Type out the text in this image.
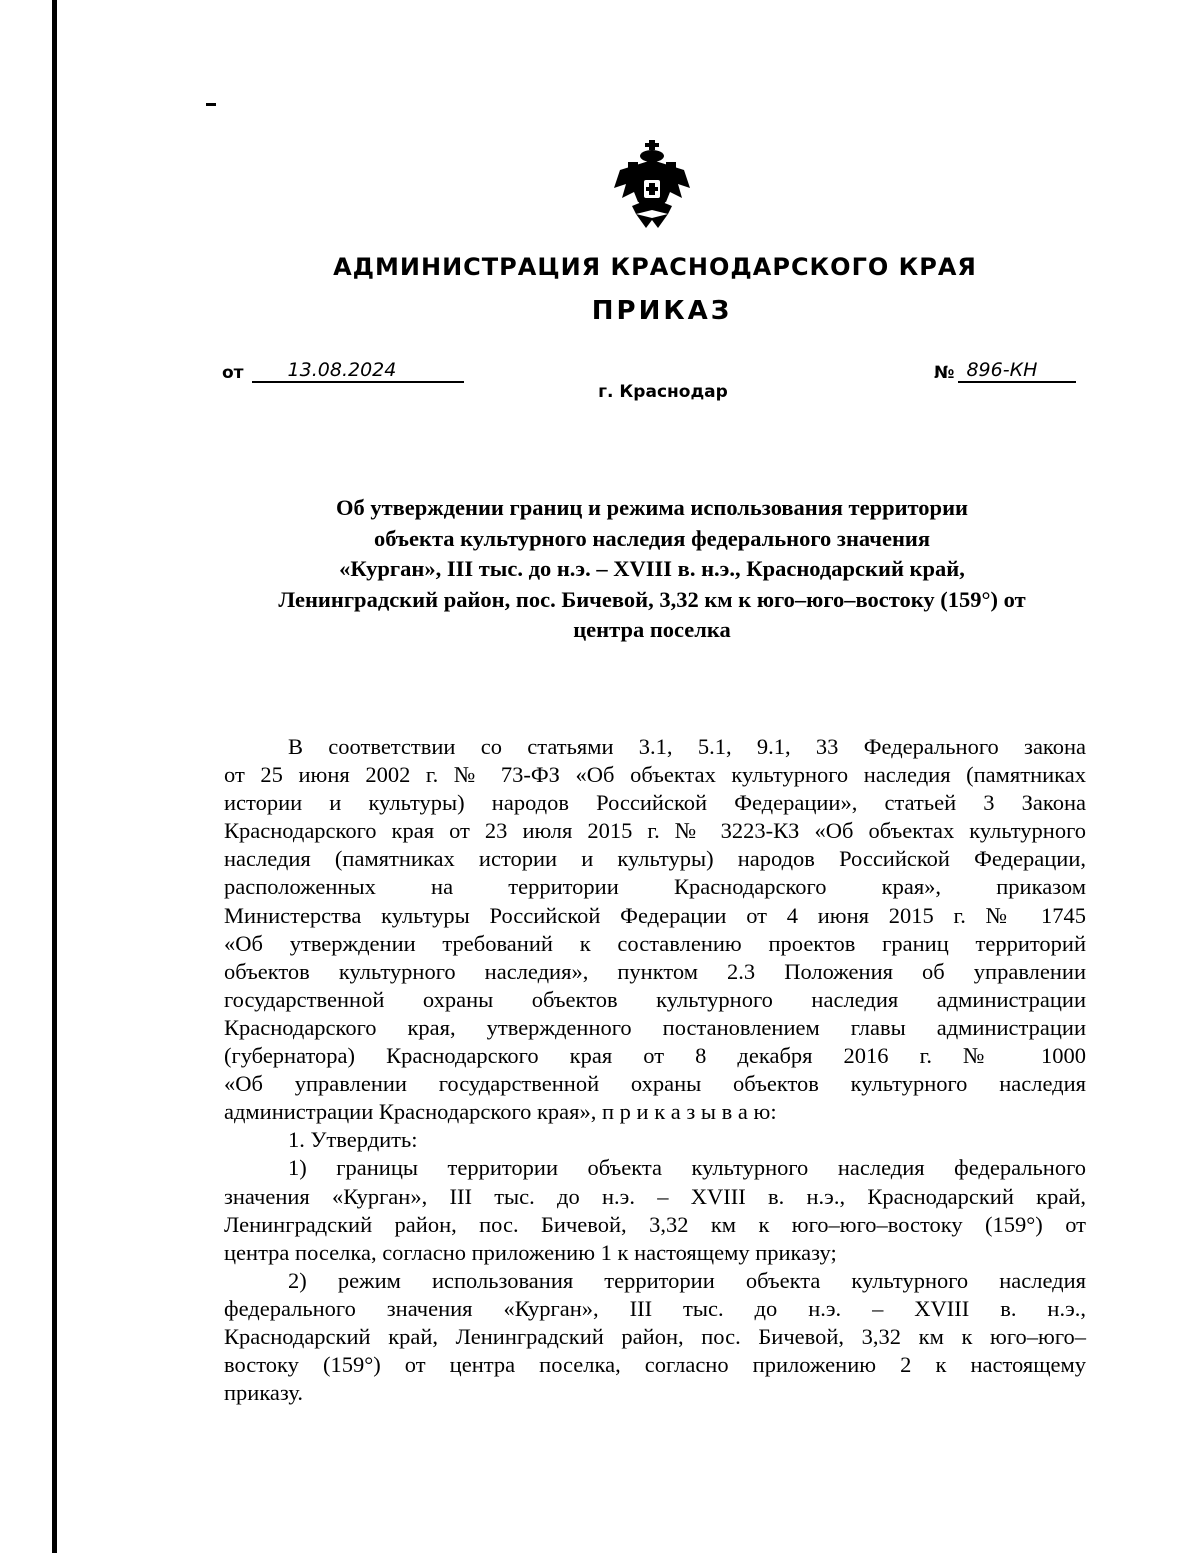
АДМИНИСТРАЦИЯ КРАСНОДАРСКОГО КРАЯ
ПРИКАЗ
от	13.08.2024	№ 896-КН
г. Краснодар
Об утверждении границ и режима использования территории
объекта культурного наследия федерального значения
«Курган», III тыс. до н.э. – XVIII в. н.э., Краснодарский край,
Ленинградский район, пос. Бичевой, 3,32 км к юго–юго–востоку (159°) от
центра поселка
В соответствии со статьями 3.1, 5.1, 9.1, 33 Федерального закона
от 25 июня 2002 г. № 73-ФЗ «Об объектах культурного наследия (памятниках
истории и культуры) народов Российской Федерации», статьей 3 Закона
Краснодарского края от 23 июля 2015 г. № 3223-КЗ «Об объектах культурного
наследия (памятниках истории и культуры) народов Российской Федерации,
расположенных на территории Краснодарского края», приказом
Министерства культуры Российской Федерации от 4 июня 2015 г. № 1745
«Об утверждении требований к составлению проектов границ территорий
объектов культурного наследия», пунктом 2.3 Положения об управлении
государственной охраны объектов культурного наследия администрации
Краснодарского края, утвержденного постановлением главы администрации
(губернатора) Краснодарского края от 8 декабря 2016 г. № 1000
«Об управлении государственной охраны объектов культурного наследия
администрации Краснодарского края», п р и к а з ы в а ю:
1. Утвердить:
1) границы территории объекта культурного наследия федерального
значения «Курган», III тыс. до н.э. – XVIII в. н.э., Краснодарский край,
Ленинградский район, пос. Бичевой, 3,32 км к юго–юго–востоку (159°) от
центра поселка, согласно приложению 1 к настоящему приказу;
2) режим использования территории объекта культурного наследия
федерального значения «Курган», III тыс. до н.э. – XVIII в. н.э.,
Краснодарский край, Ленинградский район, пос. Бичевой, 3,32 км к юго–юго–
востоку (159°) от центра поселка, согласно приложению 2 к настоящему
приказу.
